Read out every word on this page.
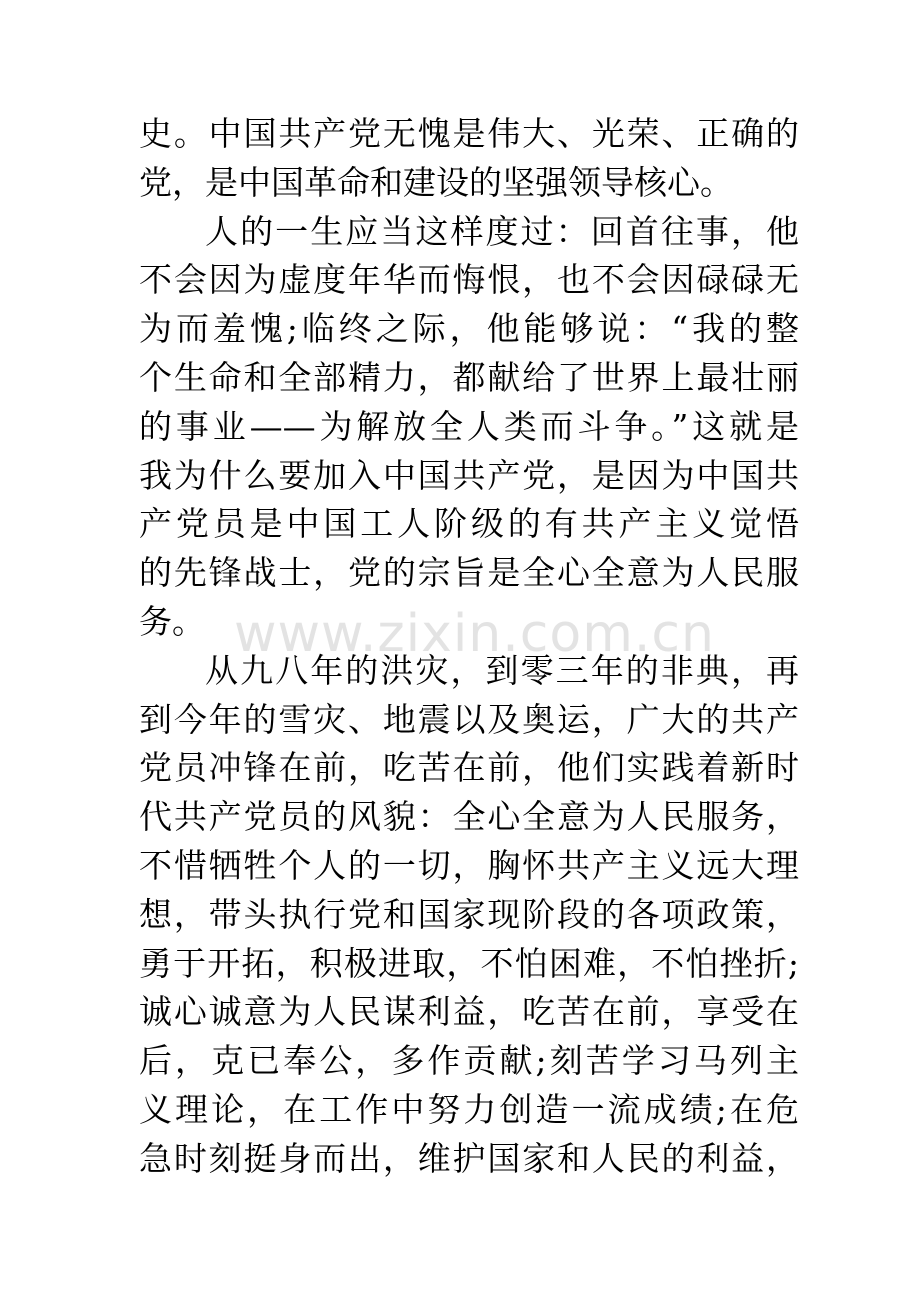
www.zixin.com.cn
史。中国共产党无愧是伟大、光荣、正确的
党，是中国革命和建设的坚强领导核心。
人的一生应当这样度过：回首往事，他
不会因为虚度年华而悔恨，也不会因碌碌无
为而羞愧;临终之际，他能够说：“我的整
个生命和全部精力，都献给了世界上最壮丽
的事业——为解放全人类而斗争。”这就是
我为什么要加入中国共产党，是因为中国共
产党员是中国工人阶级的有共产主义觉悟
的先锋战士，党的宗旨是全心全意为人民服
务。
从九八年的洪灾，到零三年的非典，再
到今年的雪灾、地震以及奥运，广大的共产
党员冲锋在前，吃苦在前，他们实践着新时
代共产党员的风貌：全心全意为人民服务，
不惜牺牲个人的一切，胸怀共产主义远大理
想，带头执行党和国家现阶段的各项政策，
勇于开拓，积极进取，不怕困难，不怕挫折;
诚心诚意为人民谋利益，吃苦在前，享受在
后，克已奉公，多作贡献;刻苦学习马列主
义理论，在工作中努力创造一流成绩;在危
急时刻挺身而出，维护国家和人民的利益，
